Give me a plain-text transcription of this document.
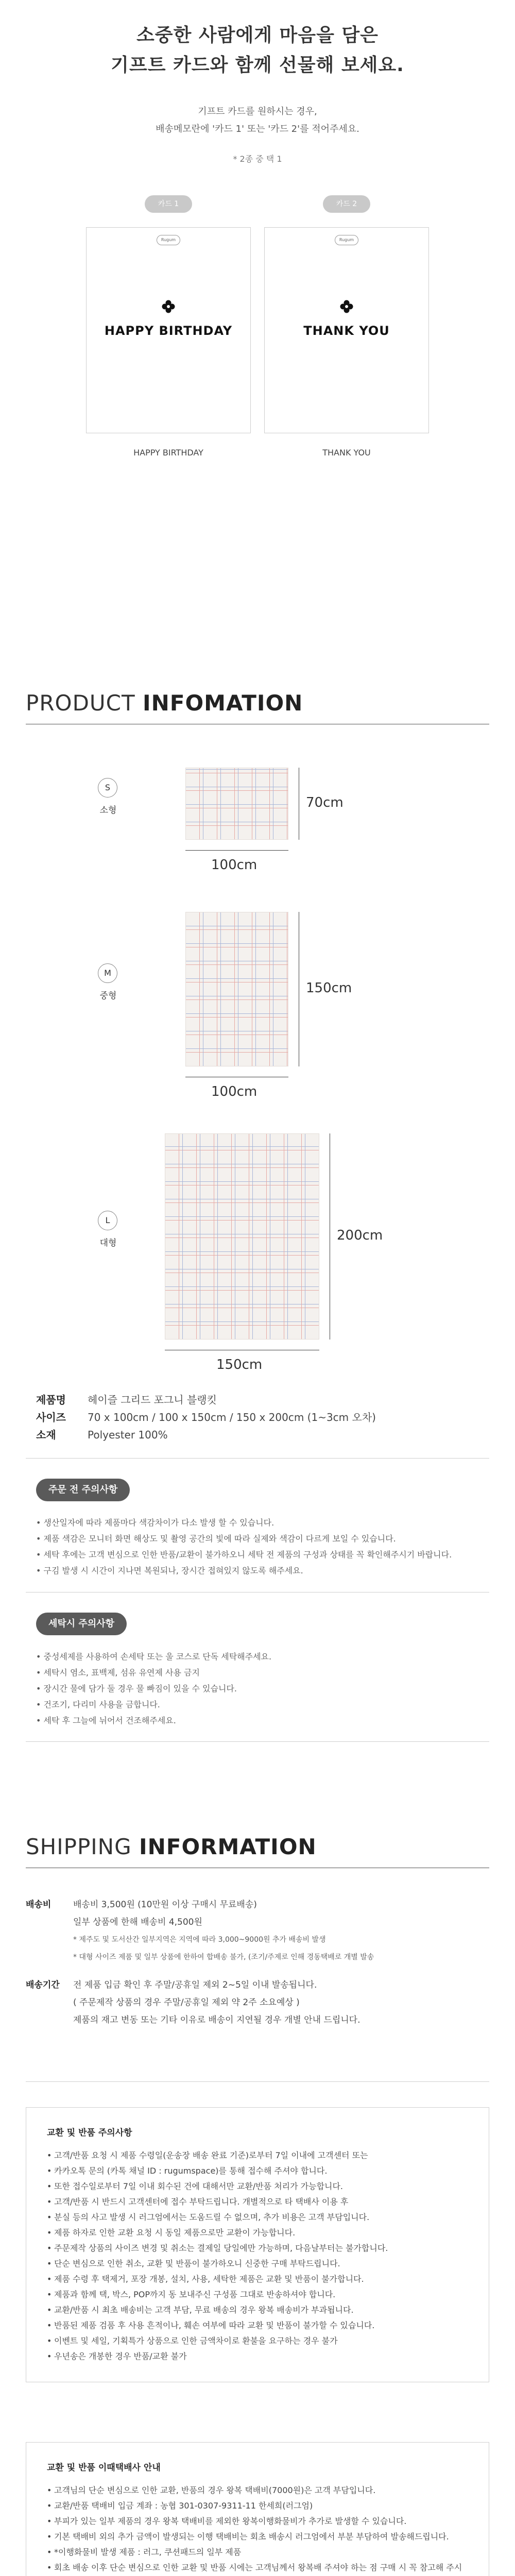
소중한 사람에게 마음을 담은
기프트 카드와 함께 선물해 보세요.
기프트 카드를 원하시는 경우,
배송메모란에 '카드 1' 또는 '카드 2'를 적어주세요.
* 2종 중 택 1
카드 1
Rugum
HAPPY BIRTHDAY
HAPPY BIRTHDAY
카드 2
Rugum
THANK YOU
THANK YOU
PRODUCT INFOMATION
S
소형	70cm
100cm
M
중형	150cm
100cm
L
대형	200cm
150cm
제품명	헤이즐 그리드 포그니 블랭킷
사이즈	70 x 100cm / 100 x 150cm / 150 x 200cm (1~3cm 오차)
소재	Polyester 100%
주문 전 주의사항
• 생산일자에 따라 제품마다 색감차이가 다소 발생 할 수 있습니다.
• 제품 색감은 모니터 화면 해상도 및 촬영 공간의 빛에 따라 실제와 색감이 다르게 보일 수 있습니다.
• 세탁 후에는 고객 변심으로 인한 반품/교환이 불가하오니 세탁 전 제품의 구성과 상태를 꼭 확인해주시기 바랍니다.
• 구김 발생 시 시간이 지나면 복원되나, 장시간 접혀있지 않도록 해주세요.
세탁시 주의사항
• 중성세제를 사용하여 손세탁 또는 울 코스로 단독 세탁해주세요.
• 세탁시 염소, 표백제, 섬유 유연제 사용 금지
• 장시간 물에 담가 둘 경우 물 빠짐이 있을 수 있습니다.
• 건조기, 다리미 사용을 금합니다.
• 세탁 후 그늘에 뉘어서 건조해주세요.
SHIPPING INFORMATION
배송비	배송비 3,500원 (10만원 이상 구매시 무료배송)
일부 상품에 한해 배송비 4,500원
* 제주도 및 도서산간 일부지역은 지역에 따라 3,000~9000원 추가 배송비 발생
* 대형 사이즈 제품 및 일부 상품에 한하여 합배송 불가, (조기/주제로 인해 경동택배로 개별 발송
배송기간	전 제품 입금 확인 후 주말/공휴일 제외 2~5일 이내 발송됩니다.
( 주문제작 상품의 경우 주말/공휴일 제외 약 2주 소요예상 )
제품의 재고 변동 또는 기타 이유로 배송이 지연될 경우 개별 안내 드립니다.
교환 및 반품 주의사항
• 고객/반품 요청 시 제품 수령일(운송장 배송 완료 기준)로부터 7일 이내에 고객센터 또는
• 카카오톡 문의 (카톡 채널 ID : rugumspace)를 통해 접수해 주셔야 합니다.
• 또한 접수일로부터 7일 이내 회수된 건에 대해서만 교환/반품 처리가 가능합니다.
• 고객/반품 시 반드시 고객센터에 접수 부탁드립니다. 개별적으로 타 택배사 이용 후
• 분실 등의 사고 발생 시 러그엄에서는 도움드릴 수 없으며, 추가 비용은 고객 부담입니다.
• 제품 하자로 인한 교환 요청 시 동일 제품으로만 교환이 가능합니다.
• 주문제작 상품의 사이즈 변경 및 취소는 결제일 당일에만 가능하며, 다음날부터는 불가합니다.
• 단순 변심으로 인한 취소, 교환 및 반품이 불가하오니 신중한 구매 부탁드립니다.
• 제품 수령 후 택제거, 포장 개봉, 설치, 사용, 세탁한 제품은 교환 및 반품이 불가합니다.
• 제품과 함께 택, 박스, POP까지 동 보내주신 구성품 그대로 반송하셔야 합니다.
• 교환/반품 시 최초 배송비는 고객 부담, 무료 배송의 경우 왕복 배송비가 부과됩니다.
• 반품된 제품 검품 후 사용 흔적이나, 훼손 여부에 따라 교환 및 반품이 불가할 수 있습니다.
• 이벤트 및 세일, 기획특가 상품으로 인한 금액차이로 환불을 요구하는 경우 불가
• 우년송은 개봉한 경우 반품/교환 불가
교환 및 반품 이때택배사 안내
• 고객님의 단순 변심으로 인한 교환, 반품의 경우 왕복 택배비(7000원)은 고객 부담입니다.
• 교환/반품 택배비 입금 계좌 : 농협 301-0307-9311-11 한세희(러그엄)
• 부피가 있는 일부 제품의 경우 왕복 택배비를 제외한 왕복이행화물비가 추가로 발생할 수 있습니다.
• 기본 택배비 외의 추가 금액이 발생되는 이행 택배비는 회초 배송시 러그엄에서 부분 부담하여 발송해드립니다.
• *이행화물비 발생 제품 : 러그, 쿠션패드의 일부 제품
• 회초 배송 이후 단순 변심으로 인한 교환 및 반품 시에는 고객님께서 왕복배 주셔야 하는 점 구매 시 꼭 참고해 주시
